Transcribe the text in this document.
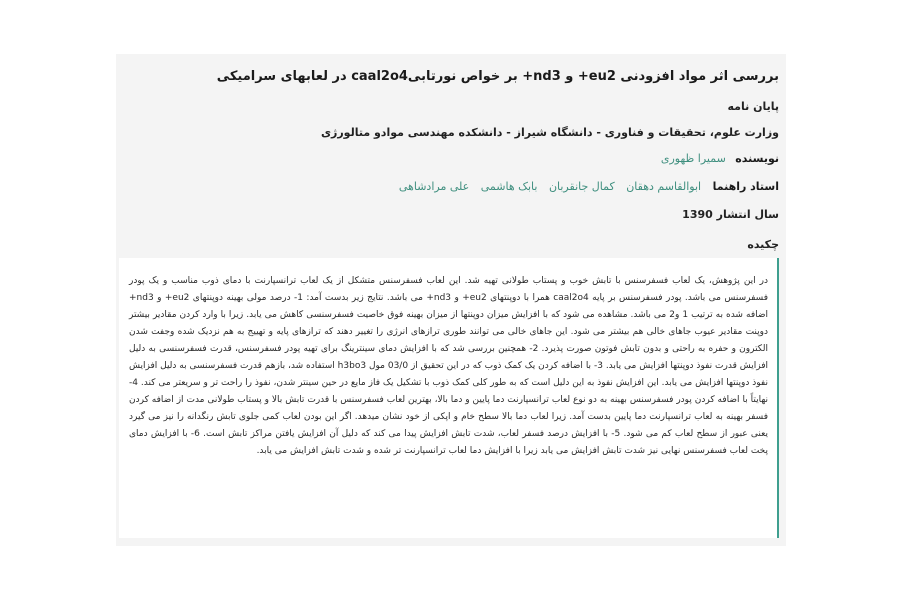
بررسی اثر مواد افزودنی eu2+ و nd3+ بر خواص نورتابیcaal2o4 در لعابهای سرامیکی
پایان نامه
وزارت علوم، تحقیقات و فناوری - دانشگاه شیراز - دانشکده مهندسی موادو متالورژی
نویسنده سمیرا ظهوری
استاد راهنما ابوالقاسم دهقان کمال جانقربان بابک هاشمی علی مرادشاهی
سال انتشار 1390
چکیده
در این پژوهش، یک لعاب فسفرسنس با تابش خوب و پستاب طولانی تهیه شد. این لعاب فسفرسنس متشکل از یک لعاب ترانسپارنت با دمای ذوب مناسب و یک پودر فسفرسنس می باشد. پودر فسفرسنس بر پایه caal2o4 همرا با دوپنتهای eu2+ و nd3+ می باشد. نتایج زیر بدست آمد: 1- درصد مولی بهینه دوپنتهای eu2+ و nd3+ اضافه شده به ترتیب 1 و2 می باشد. مشاهده می شود که با افزایش میزان دوپنتها از میزان بهینه فوق خاصیت فسفرسنسی کاهش می یابد. زیرا با وارد کردن مقادیر بیشتر دوپنت مقادیر عیوب جاهای خالی هم بیشتر می شود. این جاهای خالی می توانند طوری ترازهای انرژی را تغییر دهند که ترازهای پایه و تهییج به هم نزدیک شده وجفت شدن الکترون و حفره به راحتی و بدون تابش فوتون صورت پذیرد. 2- همچنین بررسی شد که با افزایش دمای سینترینگ برای تهیه پودر فسفرسنس، قدرت فسفرسنسی به دلیل افزایش قدرت نفوذ دوپنتها افزایش می یابد. 3- با اضافه کردن یک کمک ذوب که در این تحقیق از 03/0 مول h3bo3 استفاده شد، بازهم قدرت فسفرسنسی به دلیل افزایش نفوذ دوپنتها افزایش می یابد. این افزایش نفوذ به این دلیل است که به طور کلی کمک ذوب با تشکیل یک فاز مایع در حین سینتر شدن، نفوذ را راحت تر و سریعتر می کند. 4- نهایتاً با اضافه کردن پودر فسفرسنس بهینه به دو نوع لعاب ترانسپارنت دما پایین و دما بالا، بهترین لعاب فسفرسنس با قدرت تابش بالا و پستاب طولانی مدت از اضافه کردن فسفر بهینه به لعاب ترانسپارنت دما پایین بدست آمد. زیرا لعاب دما بالا سطح خام و اپکی از خود نشان میدهد. اگر این بودن لعاب کمی جلوی تابش رنگدانه را نیز می گیرد یعنی عبور از سطح لعاب کم می شود. 5- با افزایش درصد فسفر لعاب، شدت تابش افزایش پیدا می کند که دلیل آن افزایش یافتن مراکز تابش است. 6- با افزایش دمای پخت لعاب فسفرسنس نهایی نیز شدت تابش افزایش می یابد زیرا با افزایش دما لعاب ترانسپارنت تر شده و شدت تابش افزایش می یابد.
